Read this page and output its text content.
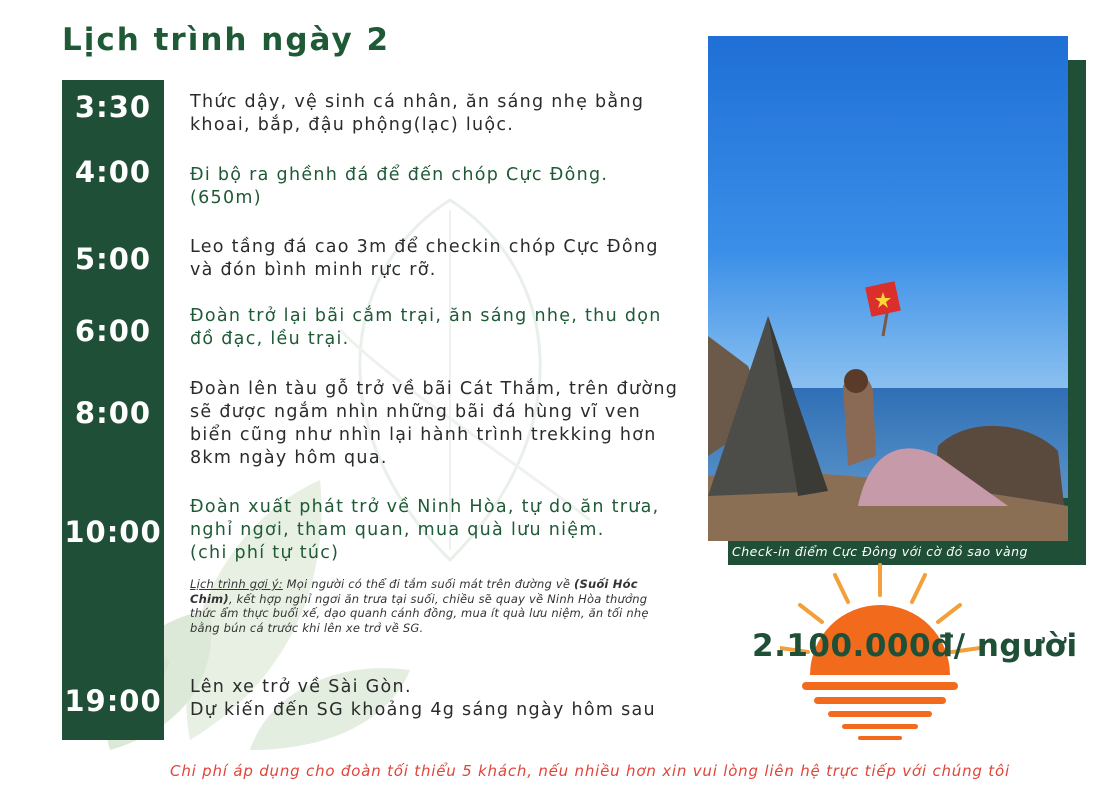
Lịch trình ngày 2
3:30
4:00
5:00
6:00
8:00
10:00
19:00
Thức dậy, vệ sinh cá nhân, ăn sáng nhẹ bằng
khoai, bắp, đậu phộng(lạc) luộc.
Đi bộ ra ghềnh đá để đến chóp Cực Đông.
(650m)
Leo tầng đá cao 3m để checkin chóp Cực Đông
và đón bình minh rực rỡ.
Đoàn trở lại bãi cắm trại, ăn sáng nhẹ, thu dọn
đồ đạc, lều trại.
Đoàn lên tàu gỗ trở về bãi Cát Thắm, trên đường
sẽ được ngắm nhìn những bãi đá hùng vĩ ven
biển cũng như nhìn lại hành trình trekking hơn
8km ngày hôm qua.
Đoàn xuất phát trở về Ninh Hòa, tự do ăn trưa,
nghỉ ngơi, tham quan, mua quà lưu niệm.
(chi phí tự túc)
Lên xe trở về Sài Gòn.
Dự kiến đến SG khoảng 4g sáng ngày hôm sau
Lịch trình gợi ý: Mọi người có thể đi tắm suối mát trên đường về (Suối Hóc Chim), kết hợp nghỉ ngơi ăn trưa tại suối, chiều sẽ quay về Ninh Hòa thưởng thức ẩm thực buổi xế, dạo quanh cánh đồng, mua ít quà lưu niệm, ăn tối nhẹ bằng bún cá trước khi lên xe trở về SG.
Check-in điểm Cực Đông với cờ đỏ sao vàng
2.100.000đ/ người
Chi phí áp dụng cho đoàn tối thiểu 5 khách, nếu nhiều hơn xin vui lòng liên hệ trực tiếp với chúng tôi
